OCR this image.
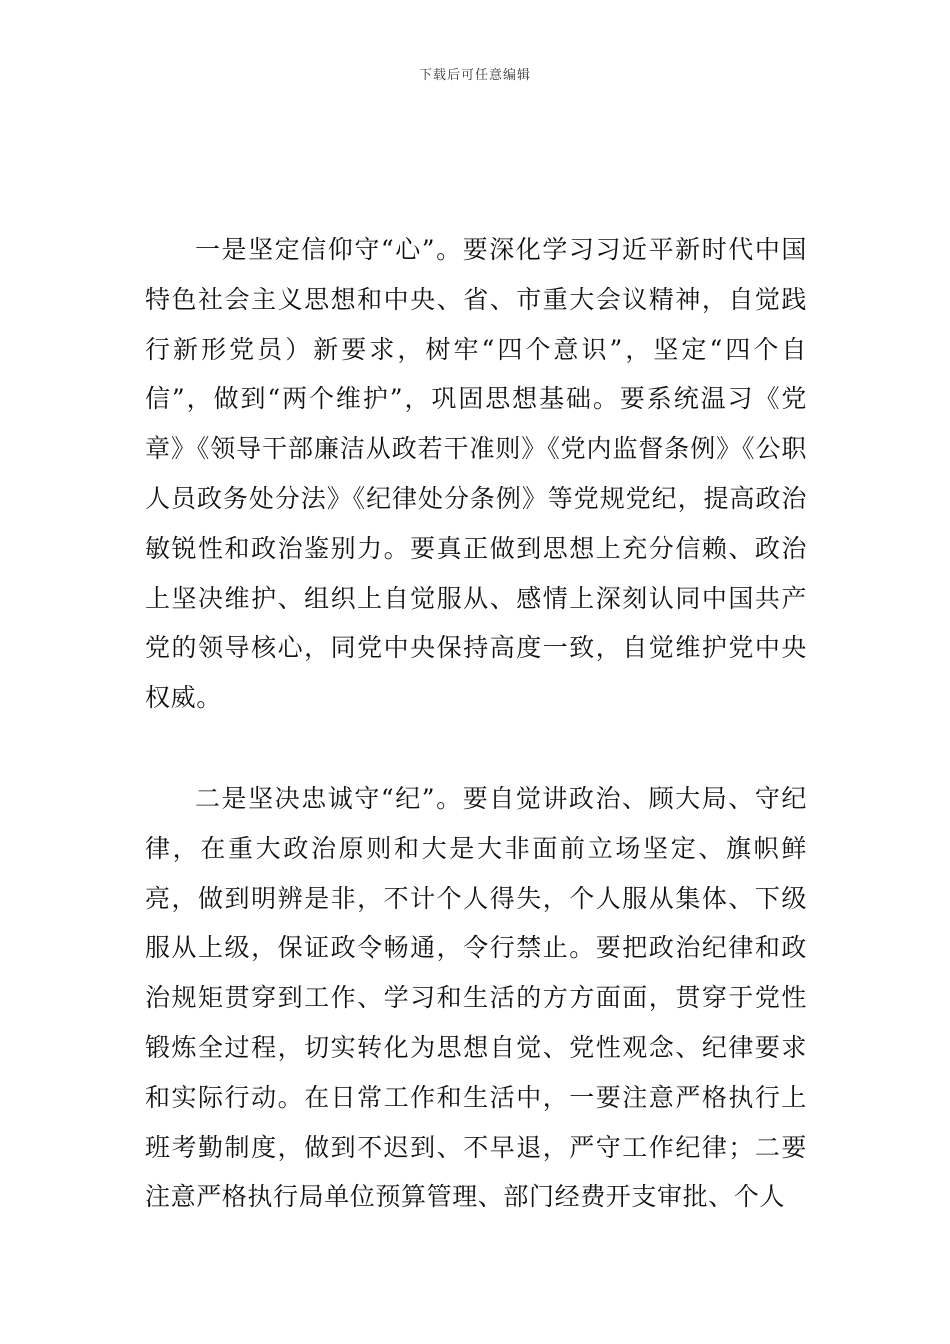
下载后可任意编辑

一是坚定信仰守“心”。要深化学习习近平新时代中国特色社会主义思想和中央、省、市重大会议精神，自觉践行新形党员）新要求，树牢“四个意识”，坚定“四个自信”，做到“两个维护”，巩固思想基础。要系统温习《党章》《领导干部廉洁从政若干准则》《党内监督条例》《公职人员政务处分法》《纪律处分条例》等党规党纪，提高政治敏锐性和政治鉴别力。要真正做到思想上充分信赖、政治上坚决维护、组织上自觉服从、感情上深刻认同中国共产党的领导核心，同党中央保持高度一致，自觉维护党中央权威。

二是坚决忠诚守“纪”。要自觉讲政治、顾大局、守纪律，在重大政治原则和大是大非面前立场坚定、旗帜鲜亮，做到明辨是非，不计个人得失，个人服从集体、下级服从上级，保证政令畅通，令行禁止。要把政治纪律和政治规矩贯穿到工作、学习和生活的方方面面，贯穿于党性锻炼全过程，切实转化为思想自觉、党性观念、纪律要求和实际行动。在日常工作和生活中，一要注意严格执行上班考勤制度，做到不迟到、不早退，严守工作纪律；二要注意严格执行局单位预算管理、部门经费开支审批、个人
